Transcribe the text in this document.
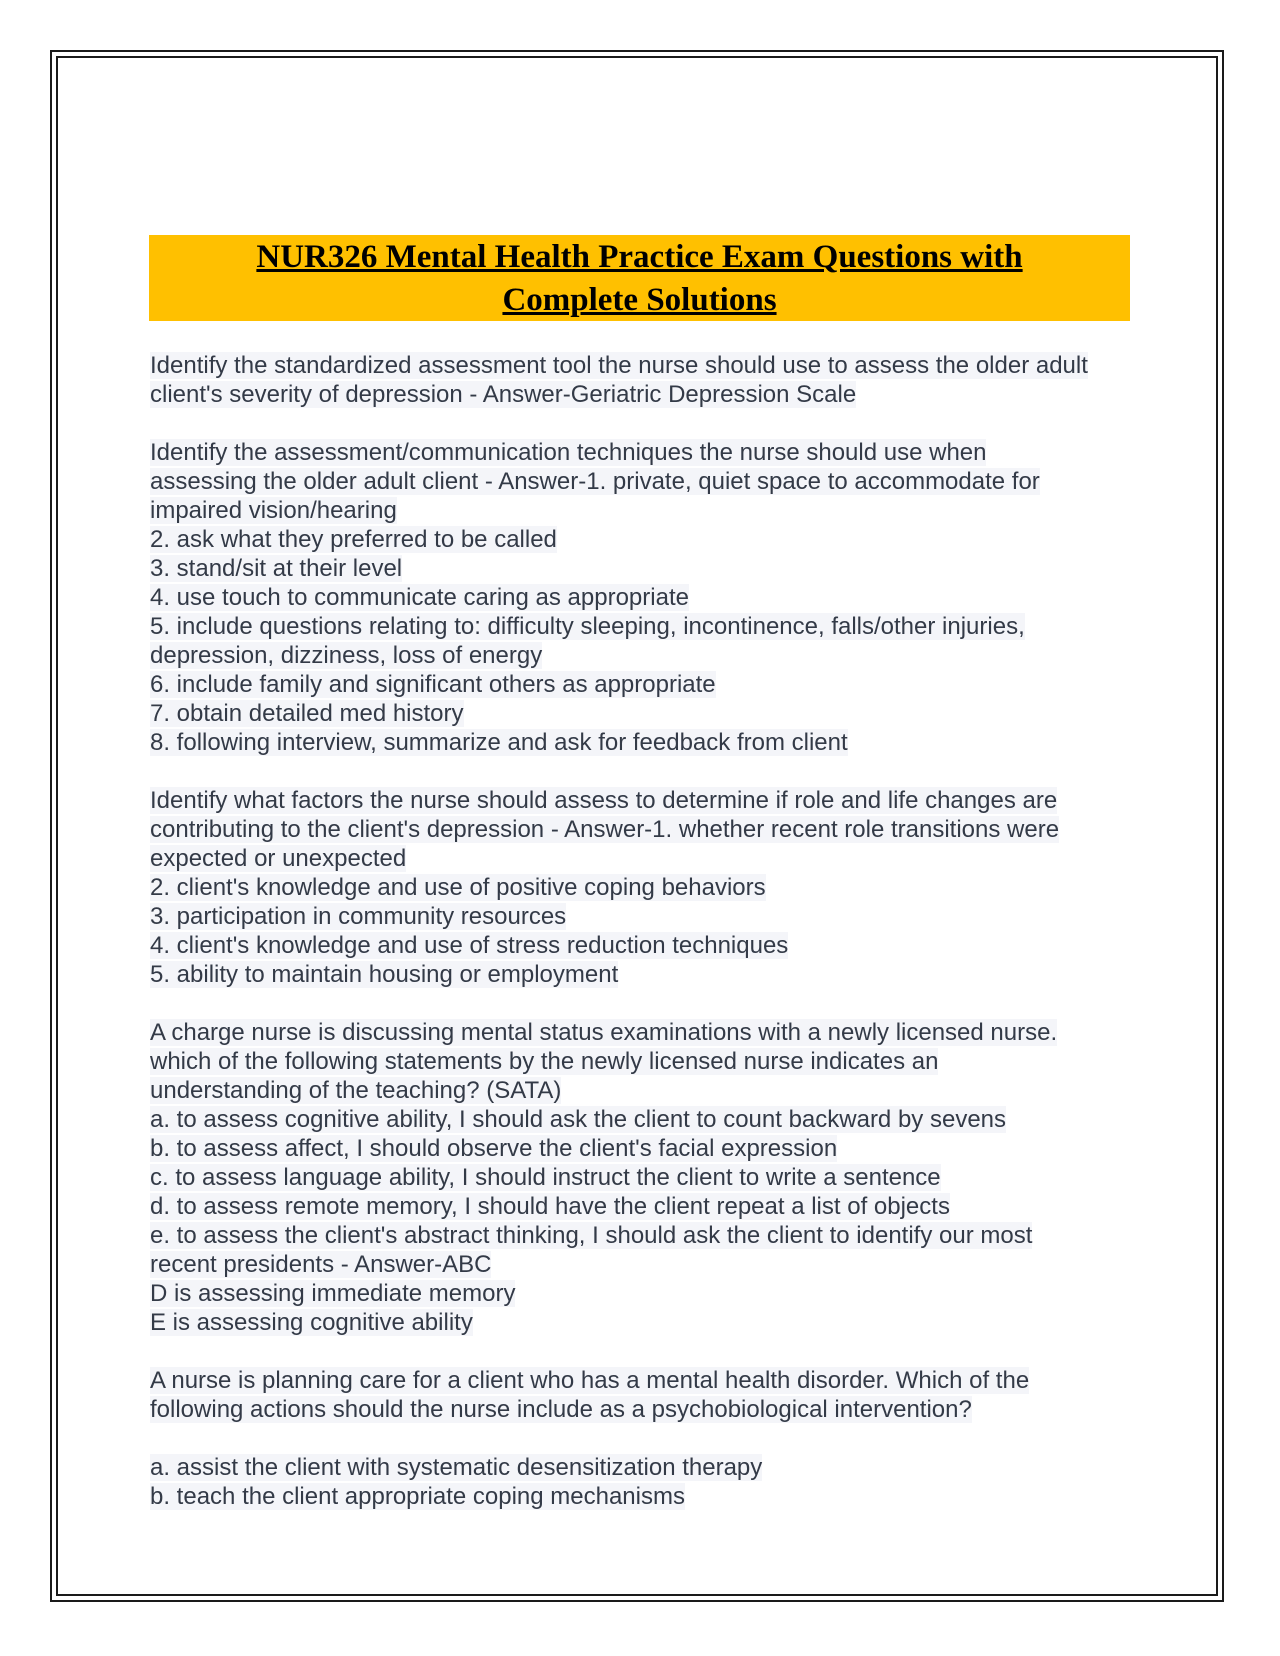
NUR326 Mental Health Practice Exam Questions with
Complete Solutions
Identify the standardized assessment tool the nurse should use to assess the older adult
client's severity of depression - Answer-Geriatric Depression Scale
Identify the assessment/communication techniques the nurse should use when
assessing the older adult client - Answer-1. private, quiet space to accommodate for
impaired vision/hearing
2. ask what they preferred to be called
3. stand/sit at their level
4. use touch to communicate caring as appropriate
5. include questions relating to: difficulty sleeping, incontinence, falls/other injuries,
depression, dizziness, loss of energy
6. include family and significant others as appropriate
7. obtain detailed med history
8. following interview, summarize and ask for feedback from client
Identify what factors the nurse should assess to determine if role and life changes are
contributing to the client's depression - Answer-1. whether recent role transitions were
expected or unexpected
2. client's knowledge and use of positive coping behaviors
3. participation in community resources
4. client's knowledge and use of stress reduction techniques
5. ability to maintain housing or employment
A charge nurse is discussing mental status examinations with a newly licensed nurse.
which of the following statements by the newly licensed nurse indicates an
understanding of the teaching? (SATA)
a. to assess cognitive ability, I should ask the client to count backward by sevens
b. to assess affect, I should observe the client's facial expression
c. to assess language ability, I should instruct the client to write a sentence
d. to assess remote memory, I should have the client repeat a list of objects
e. to assess the client's abstract thinking, I should ask the client to identify our most
recent presidents - Answer-ABC
D is assessing immediate memory
E is assessing cognitive ability
A nurse is planning care for a client who has a mental health disorder. Which of the
following actions should the nurse include as a psychobiological intervention?
a. assist the client with systematic desensitization therapy
b. teach the client appropriate coping mechanisms
